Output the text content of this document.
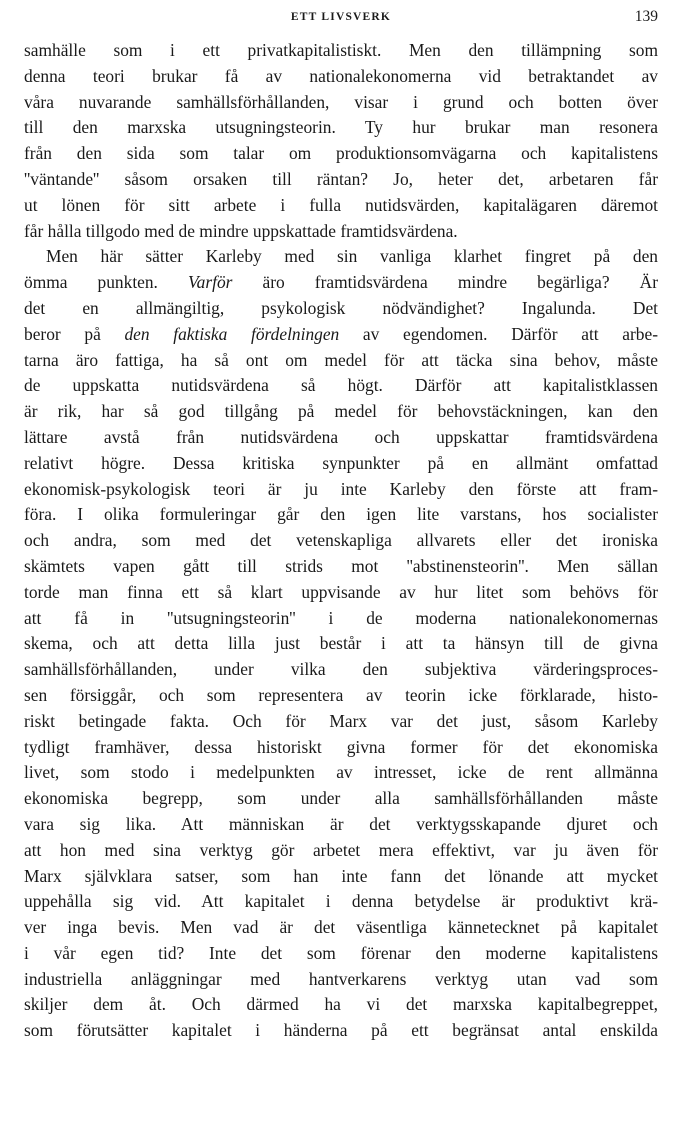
ETT LIVSVERK	139
samhälle som i ett privatkapitalistiskt. Men den tillämpning som
denna teori brukar få av nationalekonomerna vid betraktandet av
våra nuvarande samhällsförhållanden, visar i grund och botten över
till den marxska utsugningsteorin. Ty hur brukar man resonera
från den sida som talar om produktionsomvägarna och kapitalistens
''väntande'' såsom orsaken till räntan? Jo, heter det, arbetaren får
ut lönen för sitt arbete i fulla nutidsvärden, kapitalägaren däremot
får hålla tillgodo med de mindre uppskattade framtidsvärdena.
Men här sätter Karleby med sin vanliga klarhet fingret på den
ömma punkten. Varför äro framtidsvärdena mindre begärliga? Är
det en allmängiltig, psykologisk nödvändighet? Ingalunda. Det
beror på den faktiska fördelningen av egendomen. Därför att arbe-
tarna äro fattiga, ha så ont om medel för att täcka sina behov, måste
de uppskatta nutidsvärdena så högt. Därför att kapitalistklassen
är rik, har så god tillgång på medel för behovstäckningen, kan den
lättare avstå från nutidsvärdena och uppskattar framtidsvärdena
relativt högre. Dessa kritiska synpunkter på en allmänt omfattad
ekonomisk-psykologisk teori är ju inte Karleby den förste att fram-
föra. I olika formuleringar går den igen lite varstans, hos socialister
och andra, som med det vetenskapliga allvarets eller det ironiska
skämtets vapen gått till strids mot ''abstinensteorin''. Men sällan
torde man finna ett så klart uppvisande av hur litet som behövs för
att få in ''utsugningsteorin'' i de moderna nationalekonomernas
skema, och att detta lilla just består i att ta hänsyn till de givna
samhällsförhållanden, under vilka den subjektiva värderingsproces-
sen försiggår, och som representera av teorin icke förklarade, histo-
riskt betingade fakta. Och för Marx var det just, såsom Karleby
tydligt framhäver, dessa historiskt givna former för det ekonomiska
livet, som stodo i medelpunkten av intresset, icke de rent allmänna
ekonomiska begrepp, som under alla samhällsförhållanden måste
vara sig lika. Att människan är det verktygsskapande djuret och
att hon med sina verktyg gör arbetet mera effektivt, var ju även för
Marx självklara satser, som han inte fann det lönande att mycket
uppehålla sig vid. Att kapitalet i denna betydelse är produktivt krä-
ver inga bevis. Men vad är det väsentliga kännetecknet på kapitalet
i vår egen tid? Inte det som förenar den moderne kapitalistens
industriella anläggningar med hantverkarens verktyg utan vad som
skiljer dem åt. Och därmed ha vi det marxska kapitalbegreppet,
som förutsätter kapitalet i händerna på ett begränsat antal enskilda
